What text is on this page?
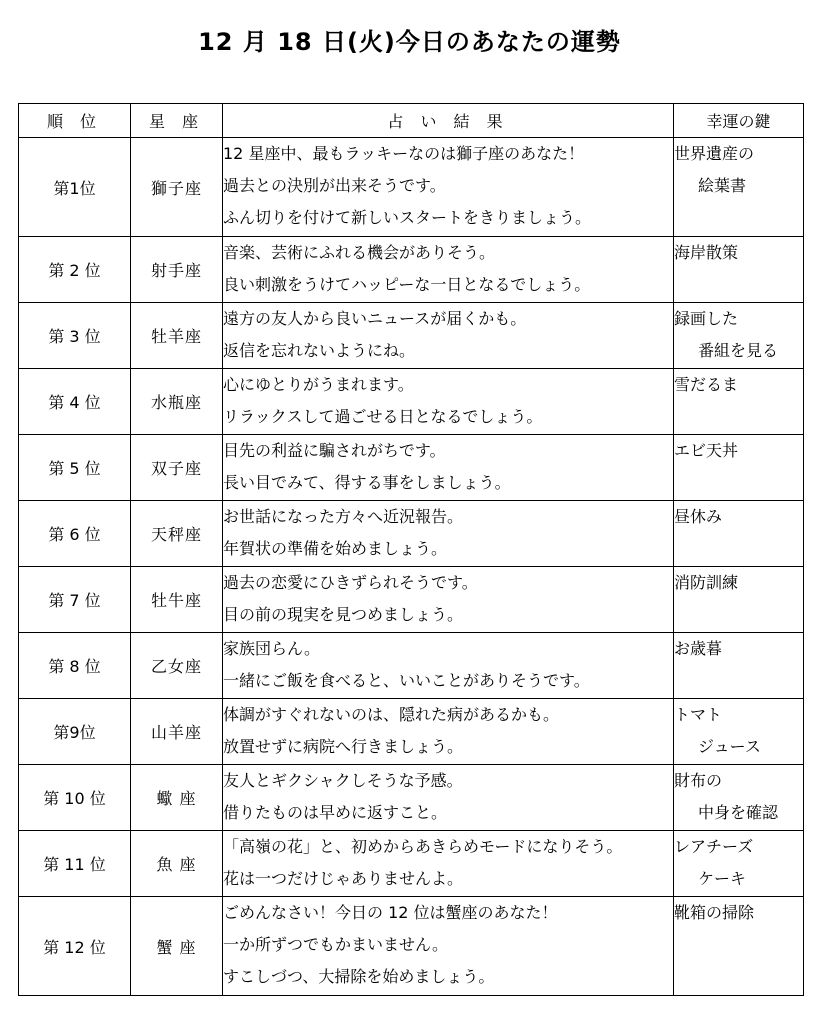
12 月 18 日(火)今日のあなたの運勢
順 位	星 座	占 い 結 果	幸運の鍵
第1位	獅子座	12 星座中、最もラッキーなのは獅子座のあなた！
過去との決別が出来そうです。
ふん切りを付けて新しいスタートをきりましょう。	世界遺産の
絵葉書

第 2 位	射手座	音楽、芸術にふれる機会がありそう。
良い刺激をうけてハッピーな一日となるでしょう。	海岸散策

第 3 位	牡羊座	遠方の友人から良いニュースが届くかも。
返信を忘れないようにね。	録画した
番組を見る

第 4 位	水瓶座	心にゆとりがうまれます。
リラックスして過ごせる日となるでしょう。	雪だるま

第 5 位	双子座	目先の利益に騙されがちです。
長い目でみて、得する事をしましょう。	エビ天丼

第 6 位	天秤座	お世話になった方々へ近況報告。
年賀状の準備を始めましょう。	昼休み

第 7 位	牡牛座	過去の恋愛にひきずられそうです。
目の前の現実を見つめましょう。	消防訓練

第 8 位	乙女座	家族団らん。
一緒にご飯を食べると、いいことがありそうです。	お歳暮

第9位	山羊座	体調がすぐれないのは、隠れた病があるかも。
放置せずに病院へ行きましょう。	トマト
ジュース

第 10 位	蠍 座	友人とギクシャクしそうな予感。
借りたものは早めに返すこと。	財布の
中身を確認

第 11 位	魚 座	「高嶺の花」と、初めからあきらめモードになりそう。
花は一つだけじゃありませんよ。	レアチーズ
ケーキ

第 12 位	蟹 座	ごめんなさい！今日の 12 位は蟹座のあなた！
一か所ずつでもかまいません。
すこしづつ、大掃除を始めましょう。	靴箱の掃除
